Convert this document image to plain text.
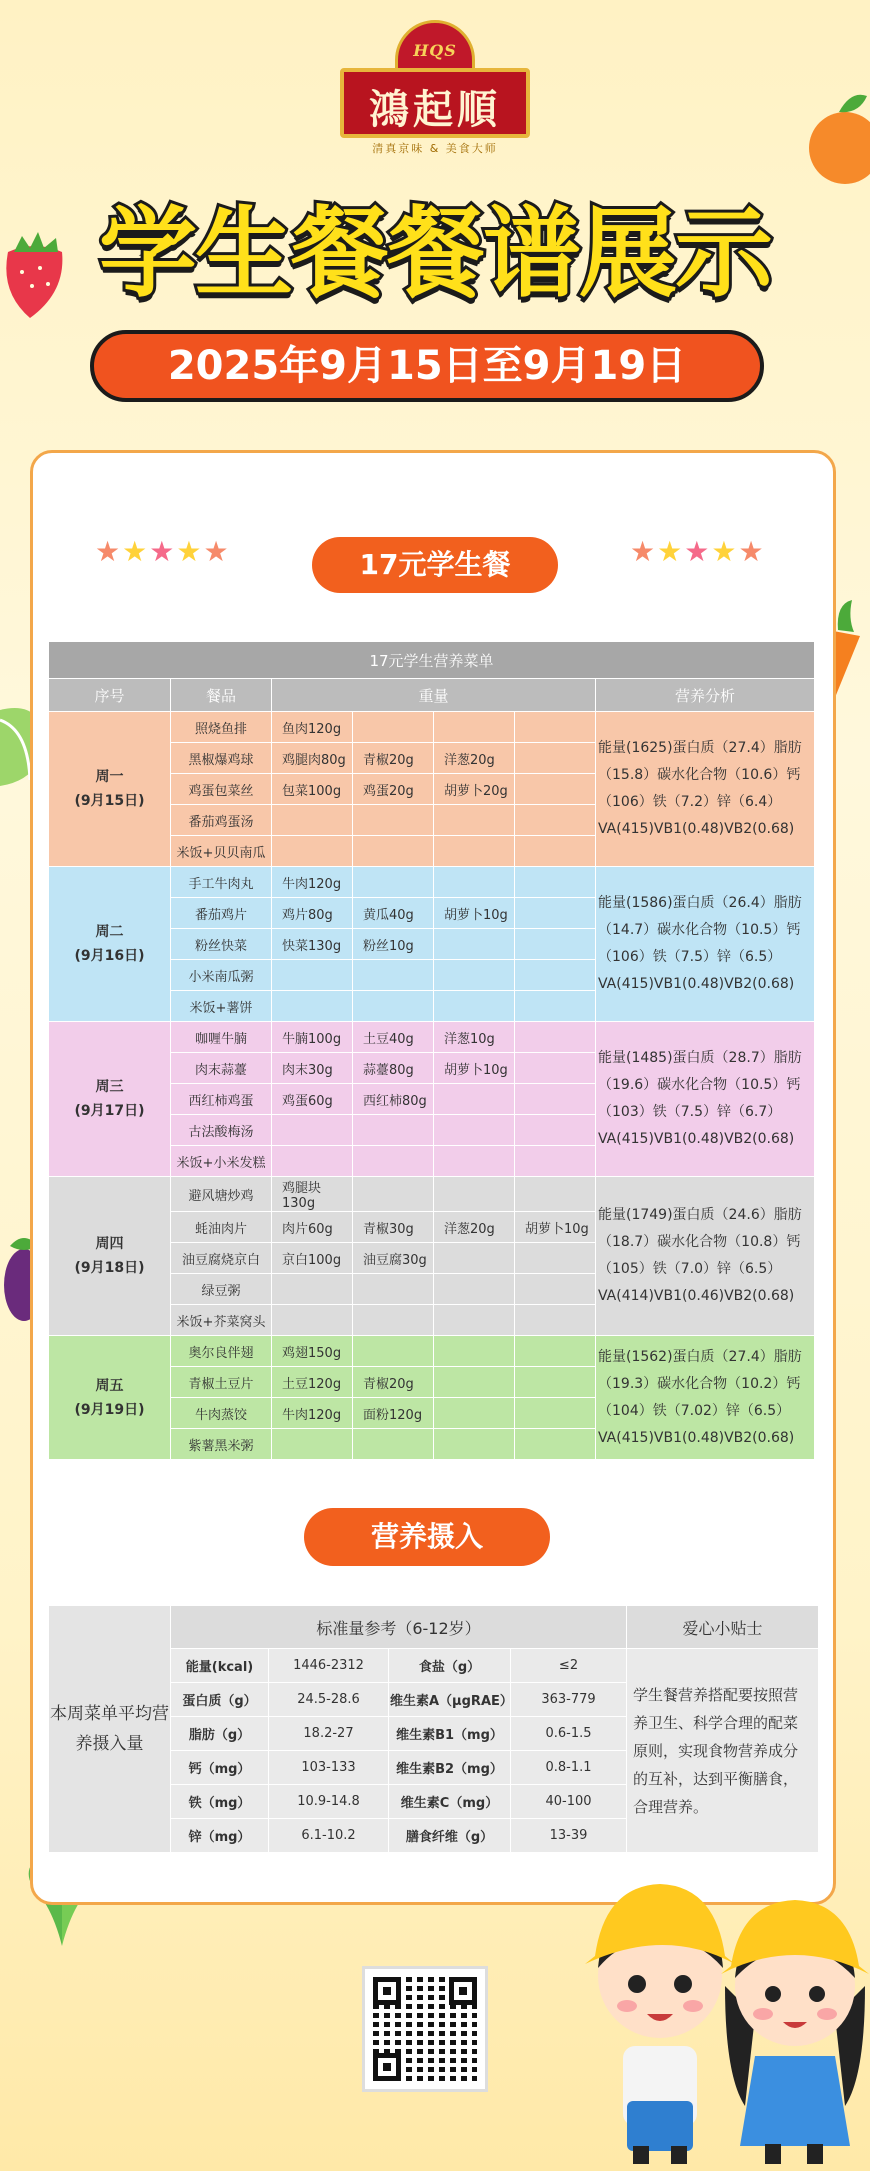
HQS
鴻起順
清真京味 & 美食大师
学生餐餐谱展示
2025年9月15日至9月19日
★★★★★	★★★★★
17元学生餐
17元学生营养菜单						
序号	餐品	重量				营养分析

周一
(9月15日)	照烧鱼排	鱼肉120g				能量(1625)蛋白质（27.4）脂肪（15.8）碳水化合物（10.6）钙（106）铁（7.2）锌（6.4）VA(415)VB1(0.48)VB2(0.68)
	黑椒爆鸡球	鸡腿肉80g	青椒20g	洋葱20g		
	鸡蛋包菜丝	包菜100g	鸡蛋20g	胡萝卜20g		
	番茄鸡蛋汤					
	米饭+贝贝南瓜					

周二
(9月16日)	手工牛肉丸	牛肉120g				能量(1586)蛋白质（26.4）脂肪（14.7）碳水化合物（10.5）钙（106）铁（7.5）锌（6.5）VA(415)VB1(0.48)VB2(0.68)
	番茄鸡片	鸡片80g	黄瓜40g	胡萝卜10g		
	粉丝快菜	快菜130g	粉丝10g			
	小米南瓜粥					
	米饭+薯饼					

周三
(9月17日)	咖喱牛腩	牛腩100g	土豆40g	洋葱10g		能量(1485)蛋白质（28.7）脂肪（19.6）碳水化合物（10.5）钙（103）铁（7.5）锌（6.7）VA(415)VB1(0.48)VB2(0.68)
	肉末蒜薹	肉末30g	蒜薹80g	胡萝卜10g		
	西红柿鸡蛋	鸡蛋60g	西红柿80g			
	古法酸梅汤					
	米饭+小米发糕					

周四
(9月18日)	避风塘炒鸡	鸡腿块130g				能量(1749)蛋白质（24.6）脂肪（18.7）碳水化合物（10.8）钙（105）铁（7.0）锌（6.5）VA(414)VB1(0.46)VB2(0.68)
	蚝油肉片	肉片60g	青椒30g	洋葱20g	胡萝卜10g	
	油豆腐烧京白	京白100g	油豆腐30g			
	绿豆粥					
	米饭+芥菜窝头					

周五
(9月19日)	奥尔良伴翅	鸡翅150g				能量(1562)蛋白质（27.4）脂肪（19.3）碳水化合物（10.2）钙（104）铁（7.02）锌（6.5）VA(415)VB1(0.48)VB2(0.68)
	青椒土豆片	土豆120g	青椒20g			
	牛肉蒸饺	牛肉120g	面粉120g			
	紫薯黑米粥					
营养摄入
本周菜单平均营养摄入量	标准量参考（6-12岁）				爱心小贴士
	能量(kcal)	1446-2312	食盐（g）	≤2	学生餐营养搭配要按照营养卫生、科学合理的配菜原则，实现食物营养成分的互补，达到平衡膳食，合理营养。
	蛋白质（g）	24.5-28.6	维生素A（μgRAE）	363-779	
	脂肪（g）	18.2-27	维生素B1（mg）	0.6-1.5	
	钙（mg）	103-133	维生素B2（mg）	0.8-1.1	
	铁（mg）	10.9-14.8	维生素C（mg）	40-100	
	锌（mg）	6.1-10.2	膳食纤维（g）	13-39	
